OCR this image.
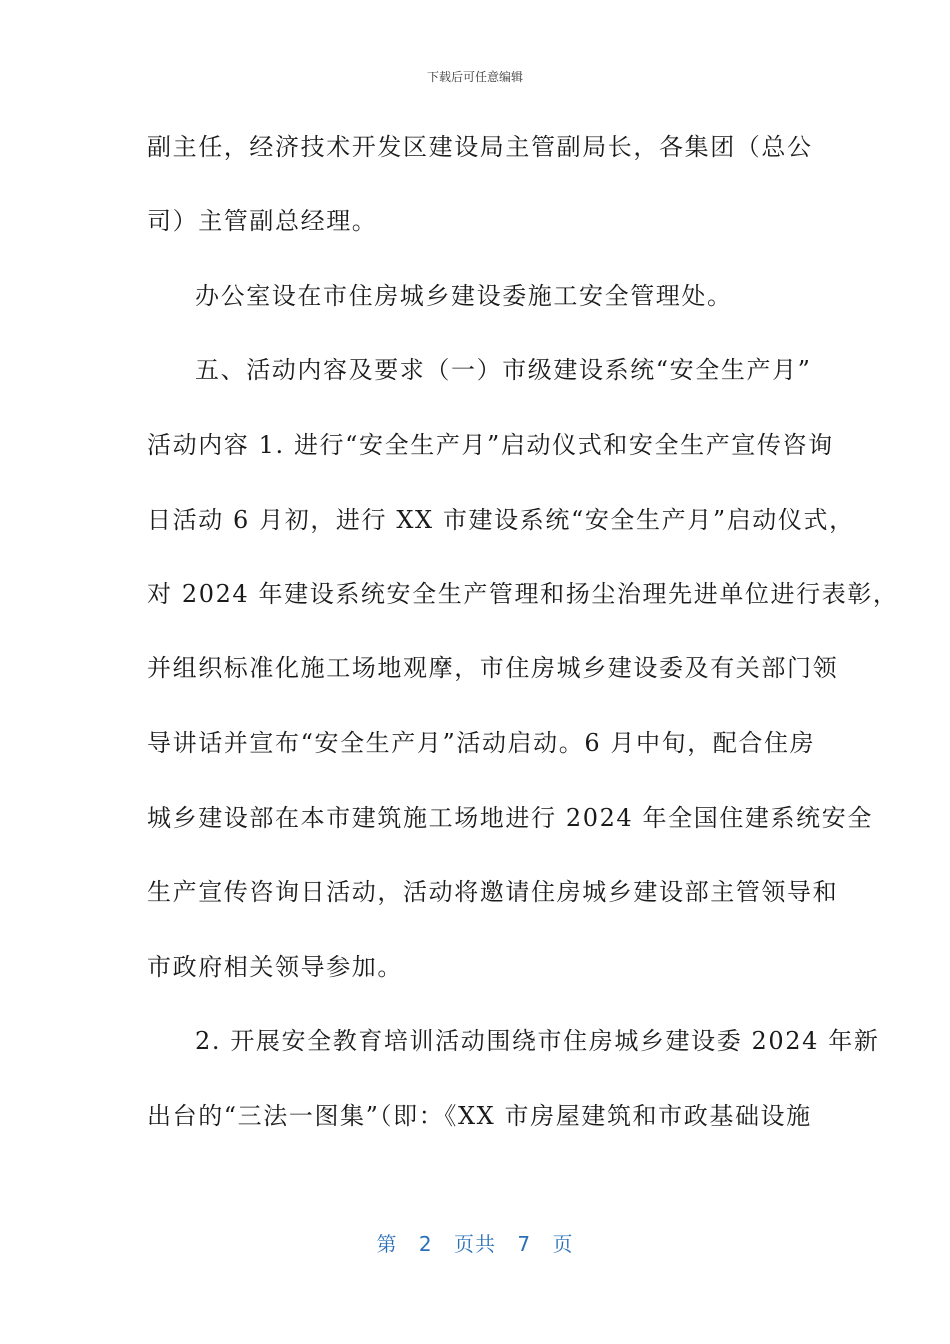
下载后可任意编辑
副主任，经济技术开发区建设局主管副局长，各集团（总公
司）主管副总经理。
办公室设在市住房城乡建设委施工安全管理处。
五、活动内容及要求（一）市级建设系统“安全生产月”
活动内容 1. 进行“安全生产月”启动仪式和安全生产宣传咨询
日活动 6 月初，进行 XX 市建设系统“安全生产月”启动仪式，
对 2024 年建设系统安全生产管理和扬尘治理先进单位进行表彰，
并组织标准化施工场地观摩，市住房城乡建设委及有关部门领
导讲话并宣布“安全生产月”活动启动。6 月中旬，配合住房
城乡建设部在本市建筑施工场地进行 2024 年全国住建系统安全
生产宣传咨询日活动，活动将邀请住房城乡建设部主管领导和
市政府相关领导参加。
2. 开展安全教育培训活动围绕市住房城乡建设委 2024 年新
出台的“三法一图集”（即：《XX 市房屋建筑和市政基础设施
第 2 页共 7 页
